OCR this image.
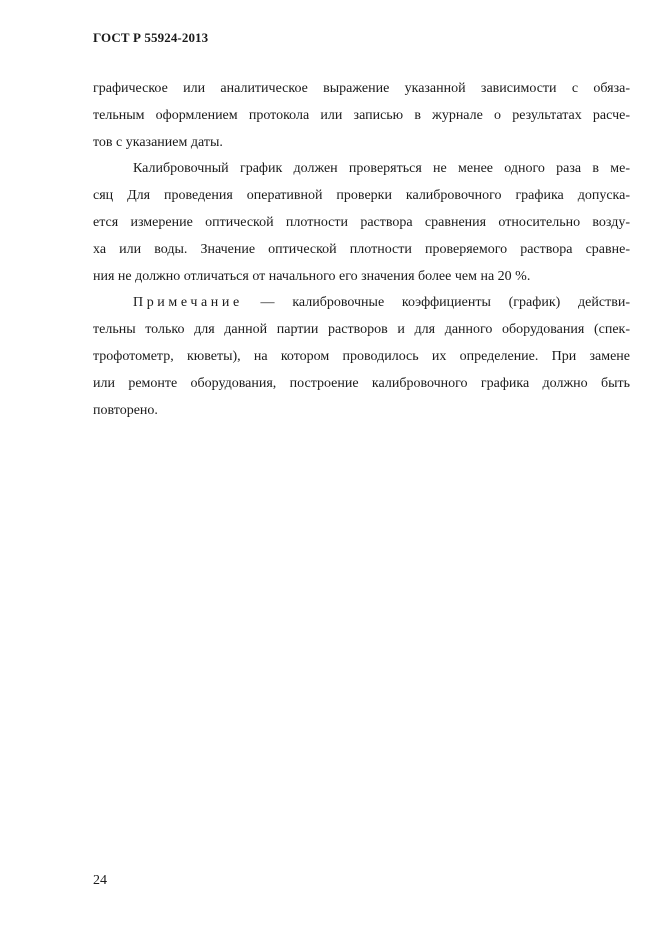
ГОСТ Р 55924-2013
графическое или аналитическое выражение указанной зависимости с обяза-
тельным оформлением протокола или записью в журнале о результатах расче-
тов с указанием даты.
Калибровочный график должен проверяться не менее одного раза в ме-
сяц Для проведения оперативной проверки калибровочного графика допуска-
ется измерение оптической плотности раствора сравнения относительно возду-
ха или воды. Значение оптической плотности проверяемого раствора сравне-
ния не должно отличаться от начального его значения более чем на 20 %.
Примечание — калибровочные коэффициенты (график) действи-
тельны только для данной партии растворов и для данного оборудования (спек-
трофотометр, кюветы), на котором проводилось их определение. При замене
или ремонте оборудования, построение калибровочного графика должно быть
повторено.
24
